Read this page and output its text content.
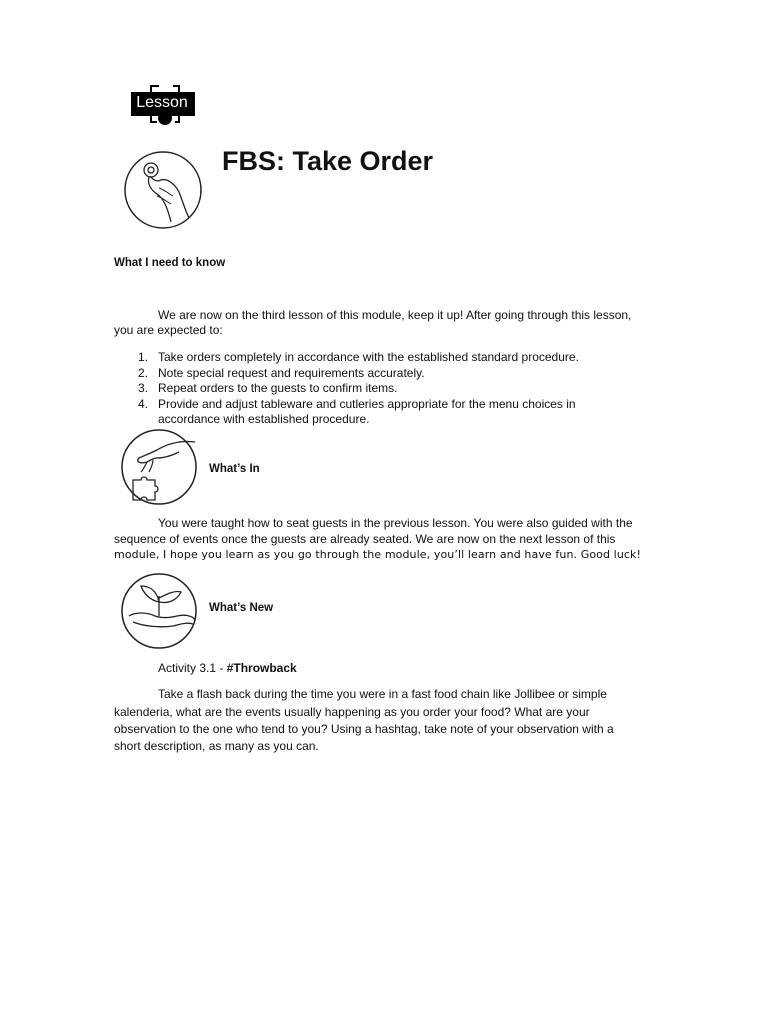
Lesson
FBS: Take Order
What I need to know
We are now on the third lesson of this module, keep it up! After going through this lesson,
you are expected to:
1. Take orders completely in accordance with the established standard procedure.
2. Note special request and requirements accurately.
3. Repeat orders to the guests to confirm items.
4. Provide and adjust tableware and cutleries appropriate for the menu choices in
accordance with established procedure.
What’s In
You were taught how to seat guests in the previous lesson. You were also guided with the
sequence of events once the guests are already seated. We are now on the next lesson of this
module, I hope you learn as you go through the module, you’ll learn and have fun. Good luck!
What’s New
Activity 3.1 - #Throwback
Take a flash back during the time you were in a fast food chain like Jollibee or simple
kalenderia, what are the events usually happening as you order your food? What are your
observation to the one who tend to you? Using a hashtag, take note of your observation with a
short description, as many as you can.
